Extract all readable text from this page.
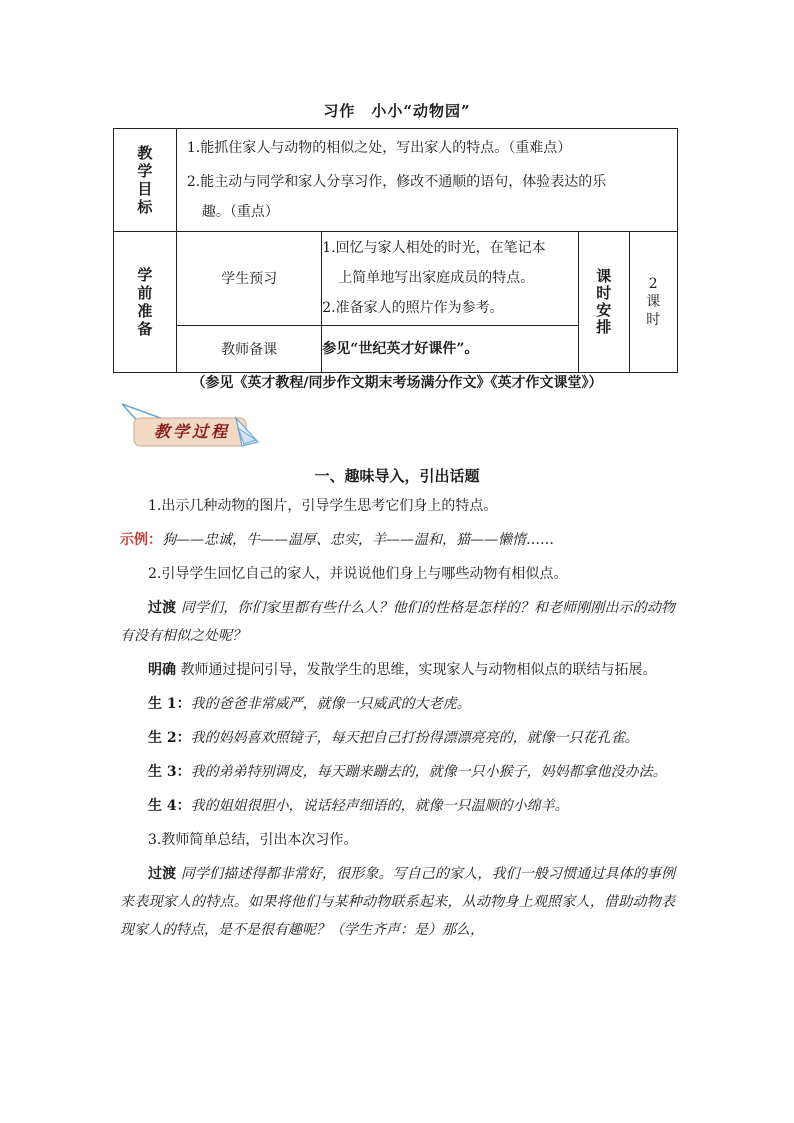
习作　小小“动物园”
教学目标	1.能抓住家人与动物的相似之处，写出家人的特点。（重难点）
2.能主动与同学和家人分享习作，修改不通顺的语句，体验表达的乐
趣。（重点）			

学前准备	学生预习	1.回忆与家人相处的时光，在笔记本
上简单地写出家庭成员的特点。
2.准备家人的照片作为参考。	课时安排	2课时
	教师备课	参见“世纪英才好课件”。		
（参见《英才教程/同步作文期末考场满分作文》《英才作文课堂》）
教学过程
一、趣味导入，引出话题

1.出示几种动物的图片，引导学生思考它们身上的特点。

示例：狗——忠诚，牛——温厚、忠实，羊——温和，猫——懒惰……

2.引导学生回忆自己的家人，并说说他们身上与哪些动物有相似点。

过渡 同学们，你们家里都有些什么人？他们的性格是怎样的？和老师刚刚出示的动物有没有相似之处呢？

明确 教师通过提问引导，发散学生的思维，实现家人与动物相似点的联结与拓展。

生 1：我的爸爸非常威严，就像一只威武的大老虎。

生 2：我的妈妈喜欢照镜子，每天把自己打扮得漂漂亮亮的，就像一只花孔雀。

生 3：我的弟弟特别调皮，每天蹦来蹦去的，就像一只小猴子，妈妈都拿他没办法。

生 4：我的姐姐很胆小，说话轻声细语的，就像一只温顺的小绵羊。

3.教师简单总结，引出本次习作。

过渡 同学们描述得都非常好，很形象。写自己的家人，我们一般习惯通过具体的事例来表现家人的特点。如果将他们与某种动物联系起来，从动物身上观照家人，借助动物表现家人的特点，是不是很有趣呢？（学生齐声：是）那么，
